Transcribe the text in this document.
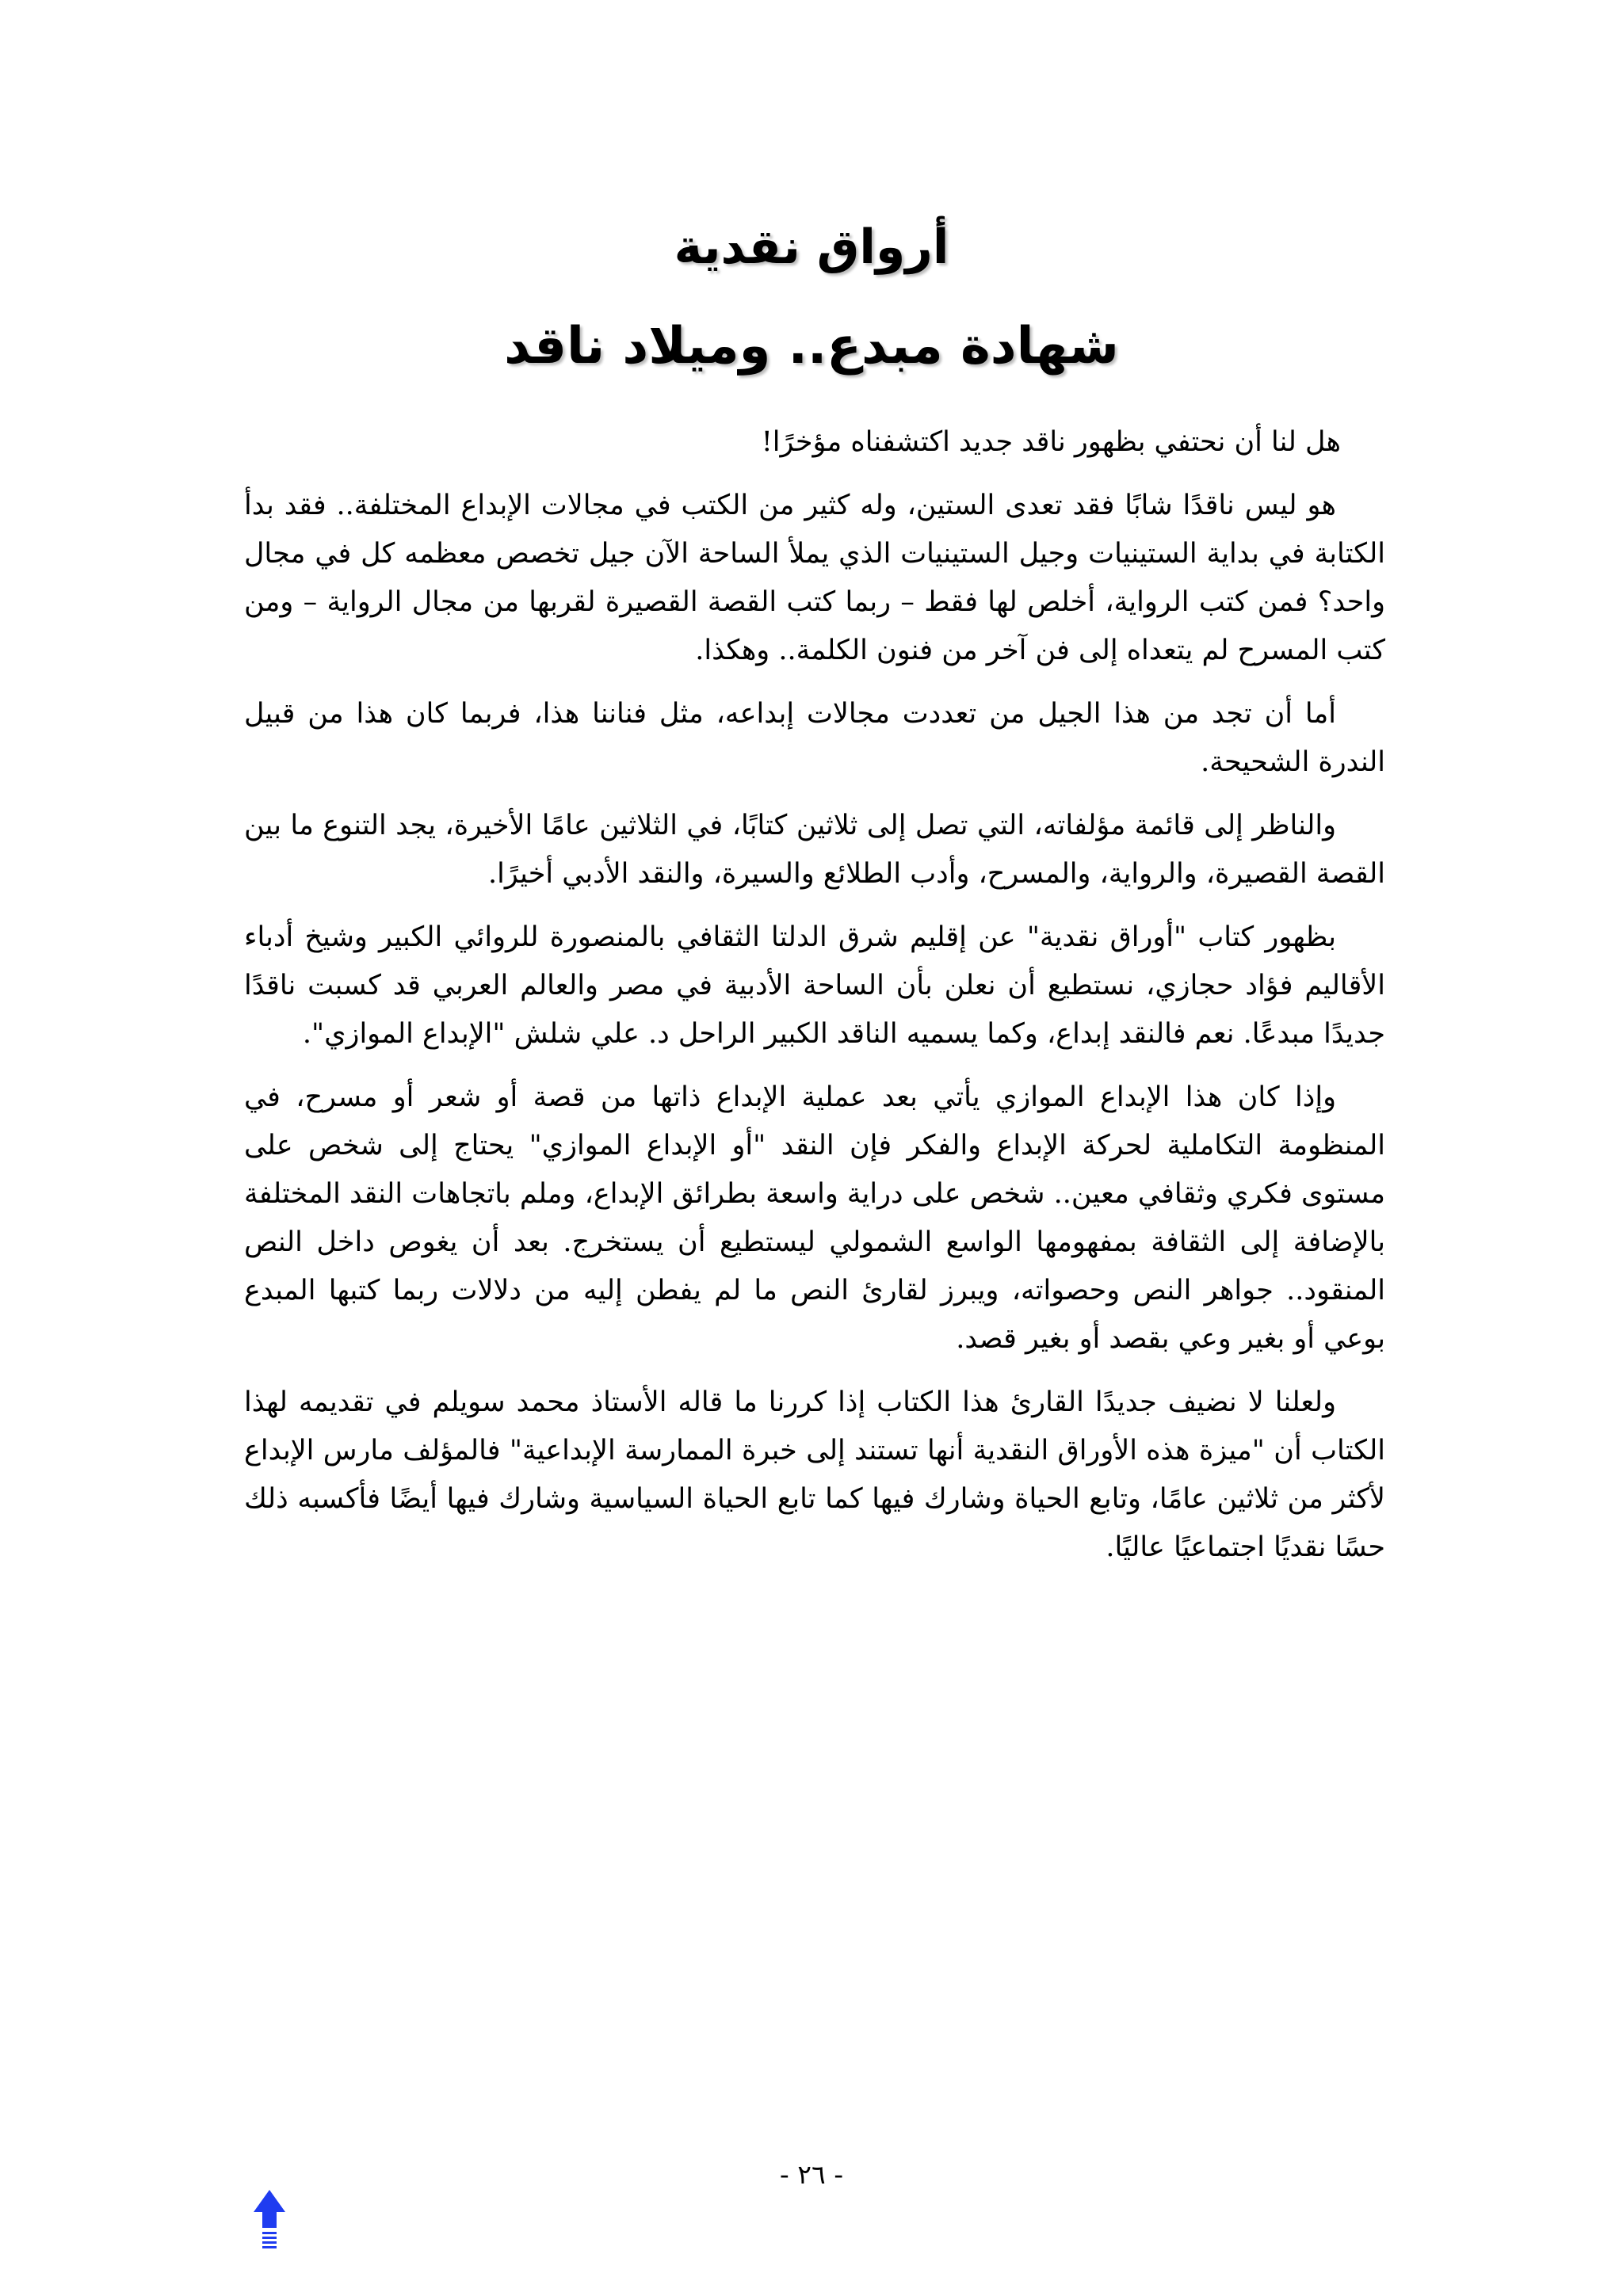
أرواق نقدية
شهادة مبدع.. وميلاد ناقد

هل لنا أن نحتفي بظهور ناقد جديد اكتشفناه مؤخرًا!

هو ليس ناقدًا شابًا فقد تعدى الستين، وله كثير من الكتب في مجالات الإبداع المختلفة.. فقد بدأ الكتابة في بداية الستينيات وجيل الستينيات الذي يملأ الساحة الآن جيل تخصص معظمه كل في مجال واحد؟ فمن كتب الرواية، أخلص لها فقط – ربما كتب القصة القصيرة لقربها من مجال الرواية – ومن كتب المسرح لم يتعداه إلى فن آخر من فنون الكلمة.. وهكذا.

أما أن تجد من هذا الجيل من تعددت مجالات إبداعه، مثل فناننا هذا، فربما كان هذا من قبيل الندرة الشحيحة.

والناظر إلى قائمة مؤلفاته، التي تصل إلى ثلاثين كتابًا، في الثلاثين عامًا الأخيرة، يجد التنوع ما بين القصة القصيرة، والرواية، والمسرح، وأدب الطلائع والسيرة، والنقد الأدبي أخيرًا.

بظهور كتاب "أوراق نقدية" عن إقليم شرق الدلتا الثقافي بالمنصورة للروائي الكبير وشيخ أدباء الأقاليم فؤاد حجازي، نستطيع أن نعلن بأن الساحة الأدبية في مصر والعالم العربي قد كسبت ناقدًا جديدًا مبدعًا. نعم فالنقد إبداع، وكما يسميه الناقد الكبير الراحل د. علي شلش "الإبداع الموازي".

وإذا كان هذا الإبداع الموازي يأتي بعد عملية الإبداع ذاتها من قصة أو شعر أو مسرح، في المنظومة التكاملية لحركة الإبداع والفكر فإن النقد "أو الإبداع الموازي" يحتاج إلى شخص على مستوى فكري وثقافي معين.. شخص على دراية واسعة بطرائق الإبداع، وملم باتجاهات النقد المختلفة بالإضافة إلى الثقافة بمفهومها الواسع الشمولي ليستطيع أن يستخرج. بعد أن يغوص داخل النص المنقود.. جواهر النص وحصواته، ويبرز لقارئ النص ما لم يفطن إليه من دلالات ربما كتبها المبدع بوعي أو بغير وعي بقصد أو بغير قصد.

ولعلنا لا نضيف جديدًا القارئ هذا الكتاب إذا كررنا ما قاله الأستاذ محمد سويلم في تقديمه لهذا الكتاب أن "ميزة هذه الأوراق النقدية أنها تستند إلى خبرة الممارسة الإبداعية" فالمؤلف مارس الإبداع لأكثر من ثلاثين عامًا، وتابع الحياة وشارك فيها كما تابع الحياة السياسية وشارك فيها أيضًا فأكسبه ذلك حسًا نقديًا اجتماعيًا عاليًا.

- ٢٦ -
